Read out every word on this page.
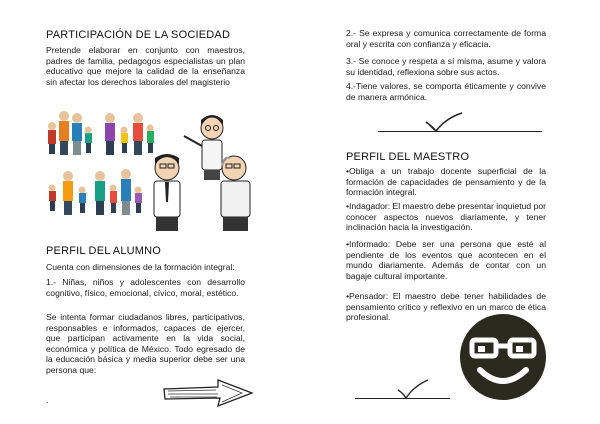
PARTICIPACIÓN DE LA SOCIEDAD
Pretende elaborar en conjunto con maestros, padres de familia, pedagogos especialistas un plan educativo que mejore la calidad de la enseñanza sin afectar los derechos laborales del magisterio
PERFIL DEL ALUMNO
Cuenta con dimensiones de la formación integral:
1.- Niñas, niños y adolescentes con desarrollo cognitivo, físico, emocional, cívico, moral, estético.
Se intenta formar ciudadanos libres, participativos, responsables e informados, capaces de ejercer, que participan activamente en la vida social, económica y política de México. Todo egresado de la educación básica y media superior debe ser una persona que:
.
2.- Se expresa y comunica correctamente de forma oral y escrita con confianza y eficacia.
3.- Se conoce y respeta a sí misma, asume y valora su identidad, reflexiona sobre sus actos.
4.-Tiene valores, se comporta éticamente y convive de manera armónica.
PERFIL DEL MAESTRO
•Obliga a un trabajo docente superficial de la formación de capacidades de pensamiento y de la formación integral.
•Indagador: El maestro debe presentar inquietud por conocer aspectos nuevos diariamente, y tener inclinación hacia la investigación.
•Informado: Debe ser una persona que esté al pendiente de los eventos que acontecen en el mundo diariamente. Además de contar con un bagaje cultural importante.
•Pensador: El maestro debe tener habilidades de pensamiento crítico y reflexivo en un marco de ética profesional.
